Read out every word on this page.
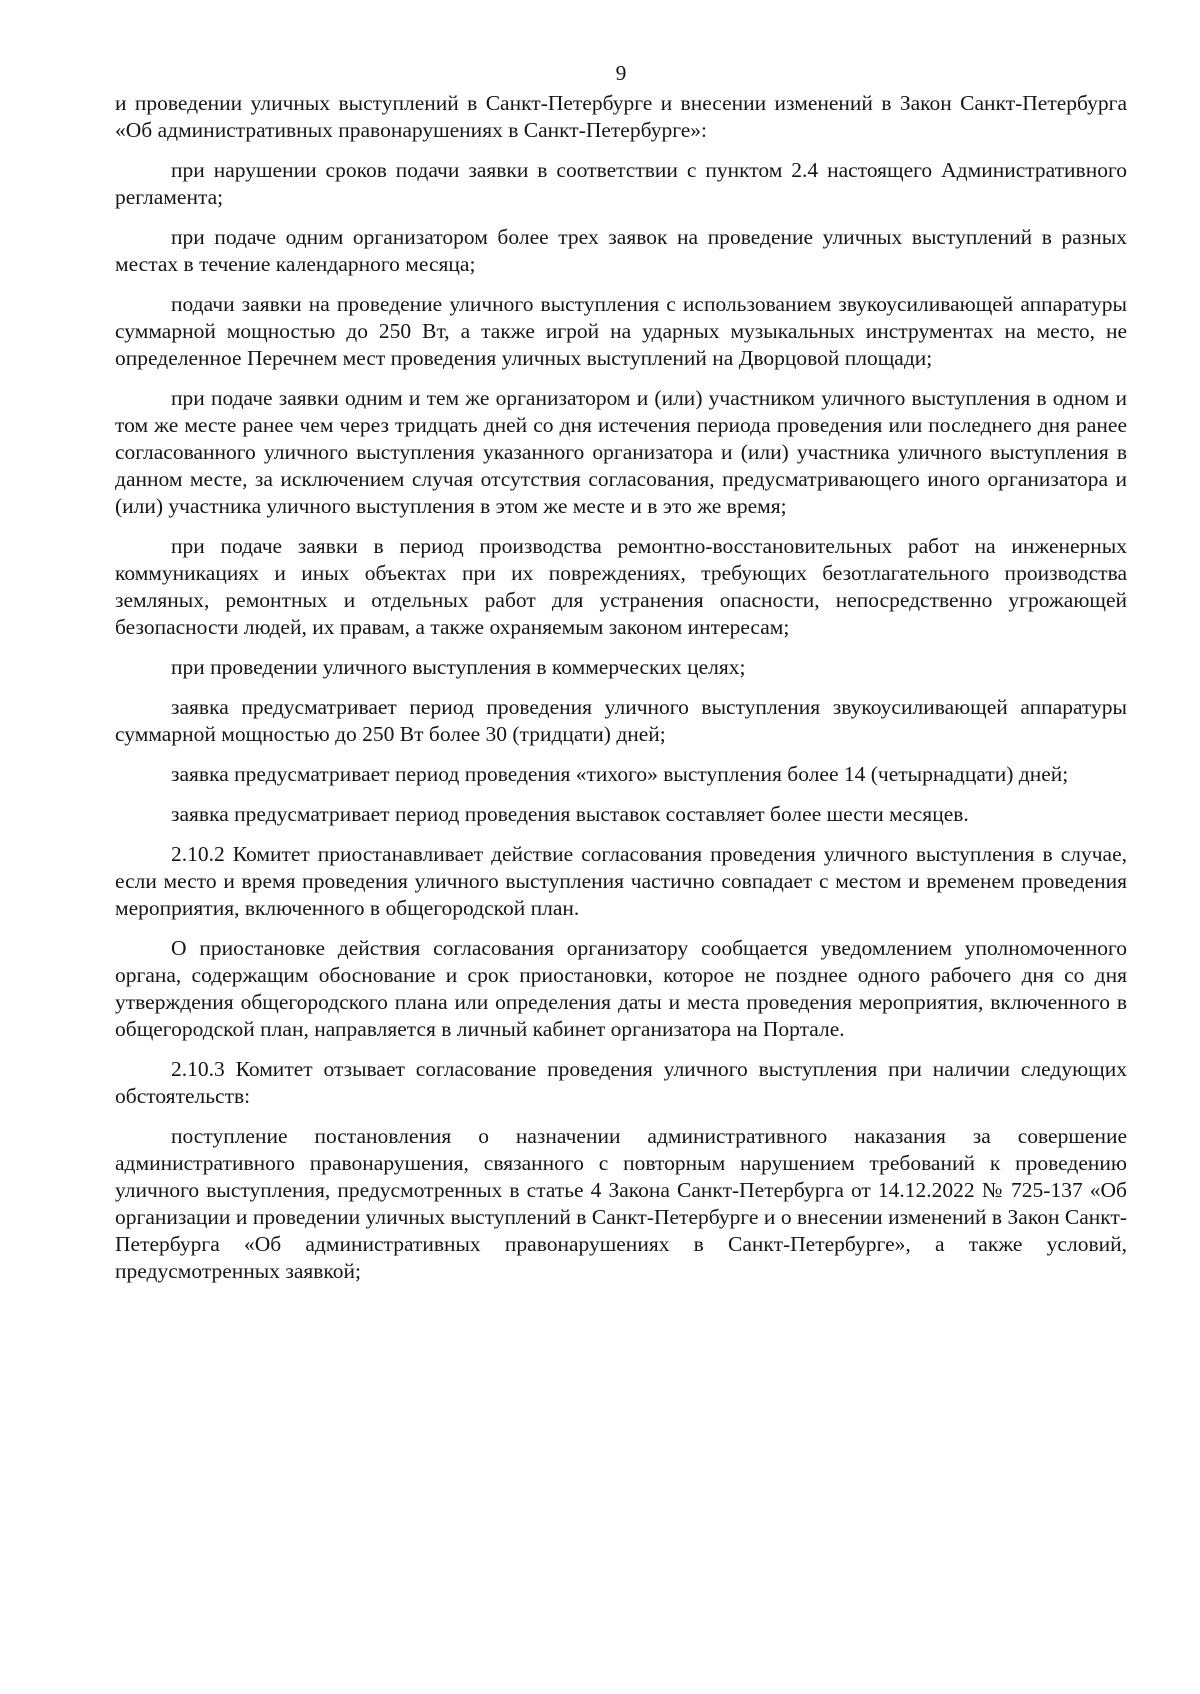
9

и проведении уличных выступлений в Санкт-Петербурге и внесении изменений в Закон Санкт-Петербурга «Об административных правонарушениях в Санкт-Петербурге»:

при нарушении сроков подачи заявки в соответствии с пунктом 2.4 настоящего Административного регламента;

при подаче одним организатором более трех заявок на проведение уличных выступлений в разных местах в течение календарного месяца;

подачи заявки на проведение уличного выступления с использованием звукоусиливающей аппаратуры суммарной мощностью до 250 Вт, а также игрой на ударных музыкальных инструментах на место, не определенное Перечнем мест проведения уличных выступлений на Дворцовой площади;

при подаче заявки одним и тем же организатором и (или) участником уличного выступления в одном и том же месте ранее чем через тридцать дней со дня истечения периода проведения или последнего дня ранее согласованного уличного выступления указанного организатора и (или) участника уличного выступления в данном месте, за исключением случая отсутствия согласования, предусматривающего иного организатора и (или) участника уличного выступления в этом же месте и в это же время;

при подаче заявки в период производства ремонтно-восстановительных работ на инженерных коммуникациях и иных объектах при их повреждениях, требующих безотлагательного производства земляных, ремонтных и отдельных работ для устранения опасности, непосредственно угрожающей безопасности людей, их правам, а также охраняемым законом интересам;

при проведении уличного выступления в коммерческих целях;

заявка предусматривает период проведения уличного выступления звукоусиливающей аппаратуры суммарной мощностью до 250 Вт более 30 (тридцати) дней;

заявка предусматривает период проведения «тихого» выступления более 14 (четырнадцати) дней;

заявка предусматривает период проведения выставок составляет более шести месяцев.

2.10.2 Комитет приостанавливает действие согласования проведения уличного выступления в случае, если место и время проведения уличного выступления частично совпадает с местом и временем проведения мероприятия, включенного в общегородской план.

О приостановке действия согласования организатору сообщается уведомлением уполномоченного органа, содержащим обоснование и срок приостановки, которое не позднее одного рабочего дня со дня утверждения общегородского плана или определения даты и места проведения мероприятия, включенного в общегородской план, направляется в личный кабинет организатора на Портале.

2.10.3 Комитет отзывает согласование проведения уличного выступления при наличии следующих обстоятельств:

поступление постановления о назначении административного наказания за совершение административного правонарушения, связанного с повторным нарушением требований к проведению уличного выступления, предусмотренных в статье 4 Закона Санкт-Петербурга от 14.12.2022 № 725-137 «Об организации и проведении уличных выступлений в Санкт-Петербурге и о внесении изменений в Закон Санкт-Петербурга «Об административных правонарушениях в Санкт-Петербурге», а также условий, предусмотренных заявкой;
